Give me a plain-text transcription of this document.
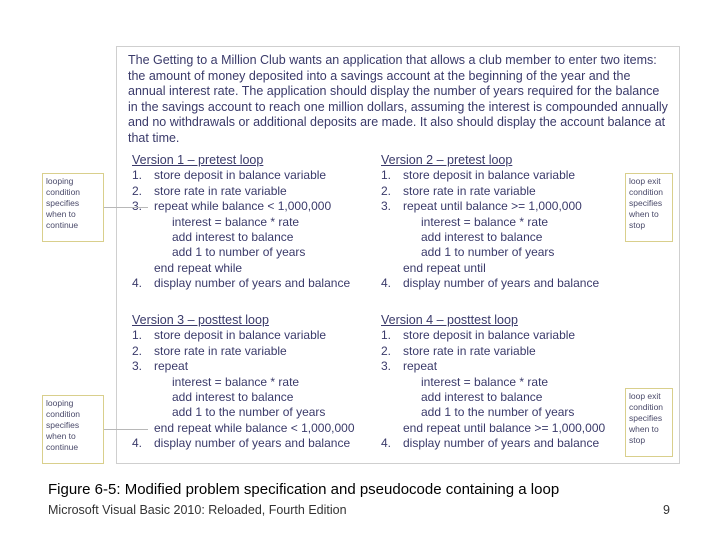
The Getting to a Million Club wants an application that allows a club member to enter two items: the amount of money deposited into a savings account at the beginning of the year and the annual interest rate. The application should display the number of years required for the balance in the savings account to reach one million dollars, assuming the interest is compounded annually and no withdrawals or additional deposits are made. It also should display the account balance at that time.

Version 1 – pretest loop
1. store deposit in balance variable
2. store rate in rate variable
3. repeat while balance < 1,000,000
interest = balance * rate
add interest to balance
add 1 to number of years
end repeat while
4. display number of years and balance
Version 2 – pretest loop
1. store deposit in balance variable
2. store rate in rate variable
3. repeat until balance >= 1,000,000
interest = balance * rate
add interest to balance
add 1 to number of years
end repeat until
4. display number of years and balance
Version 3 – posttest loop
1. store deposit in balance variable
2. store rate in rate variable
3. repeat
interest = balance * rate
add interest to balance
add 1 to the number of years
end repeat while balance < 1,000,000
4. display number of years and balance
Version 4 – posttest loop
1. store deposit in balance variable
2. store rate in rate variable
3. repeat
interest = balance * rate
add interest to balance
add 1 to the number of years
end repeat until balance >= 1,000,000
4. display number of years and balance
looping
condition
specifies
when to
continue
loop exit
condition
specifies
when to
stop
looping
condition
specifies
when to
continue
loop exit
condition
specifies
when to
stop
Figure 6-5: Modified problem specification and pseudocode containing a loop
Microsoft Visual Basic 2010: Reloaded, Fourth Edition	9
